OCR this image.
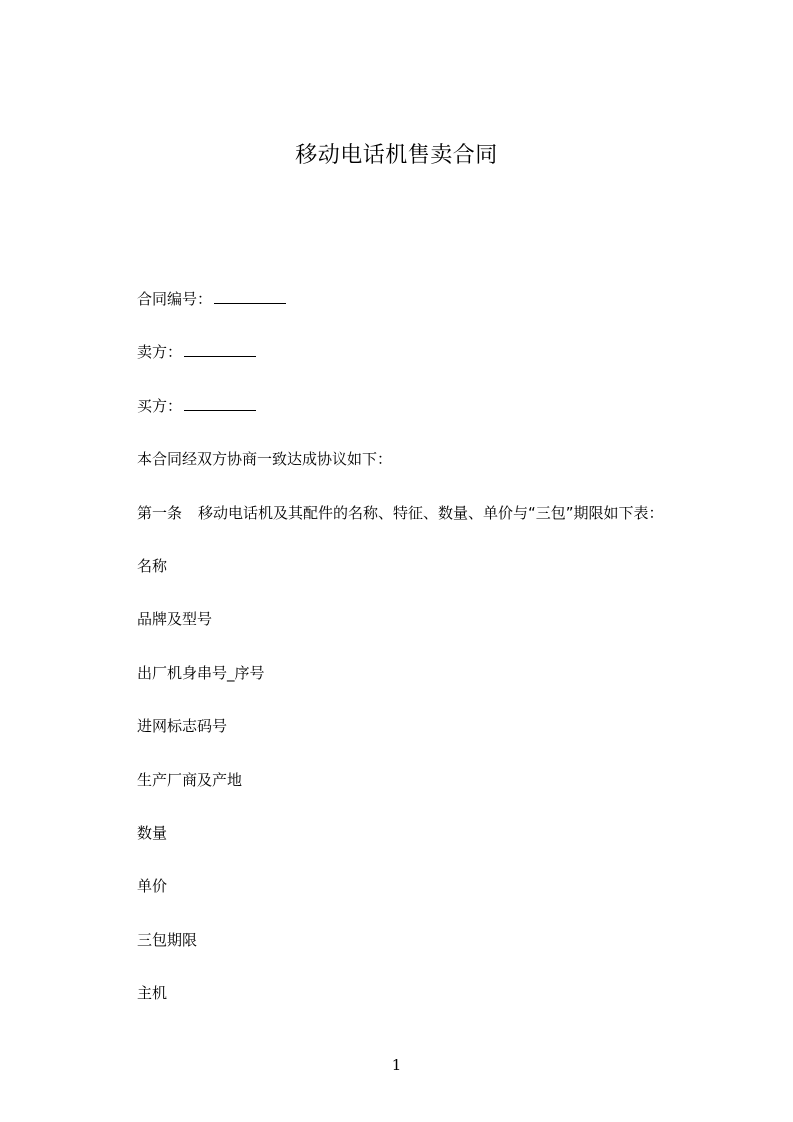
移动电话机售卖合同
合同编号：
卖方：
买方：
本合同经双方协商一致达成协议如下：
第一条 移动电话机及其配件的名称、特征、数量、单价与“三包”期限如下表：
名称
品牌及型号
出厂机身串号_序号
进网标志码号
生产厂商及产地
数量
单价
三包期限
主机
1
